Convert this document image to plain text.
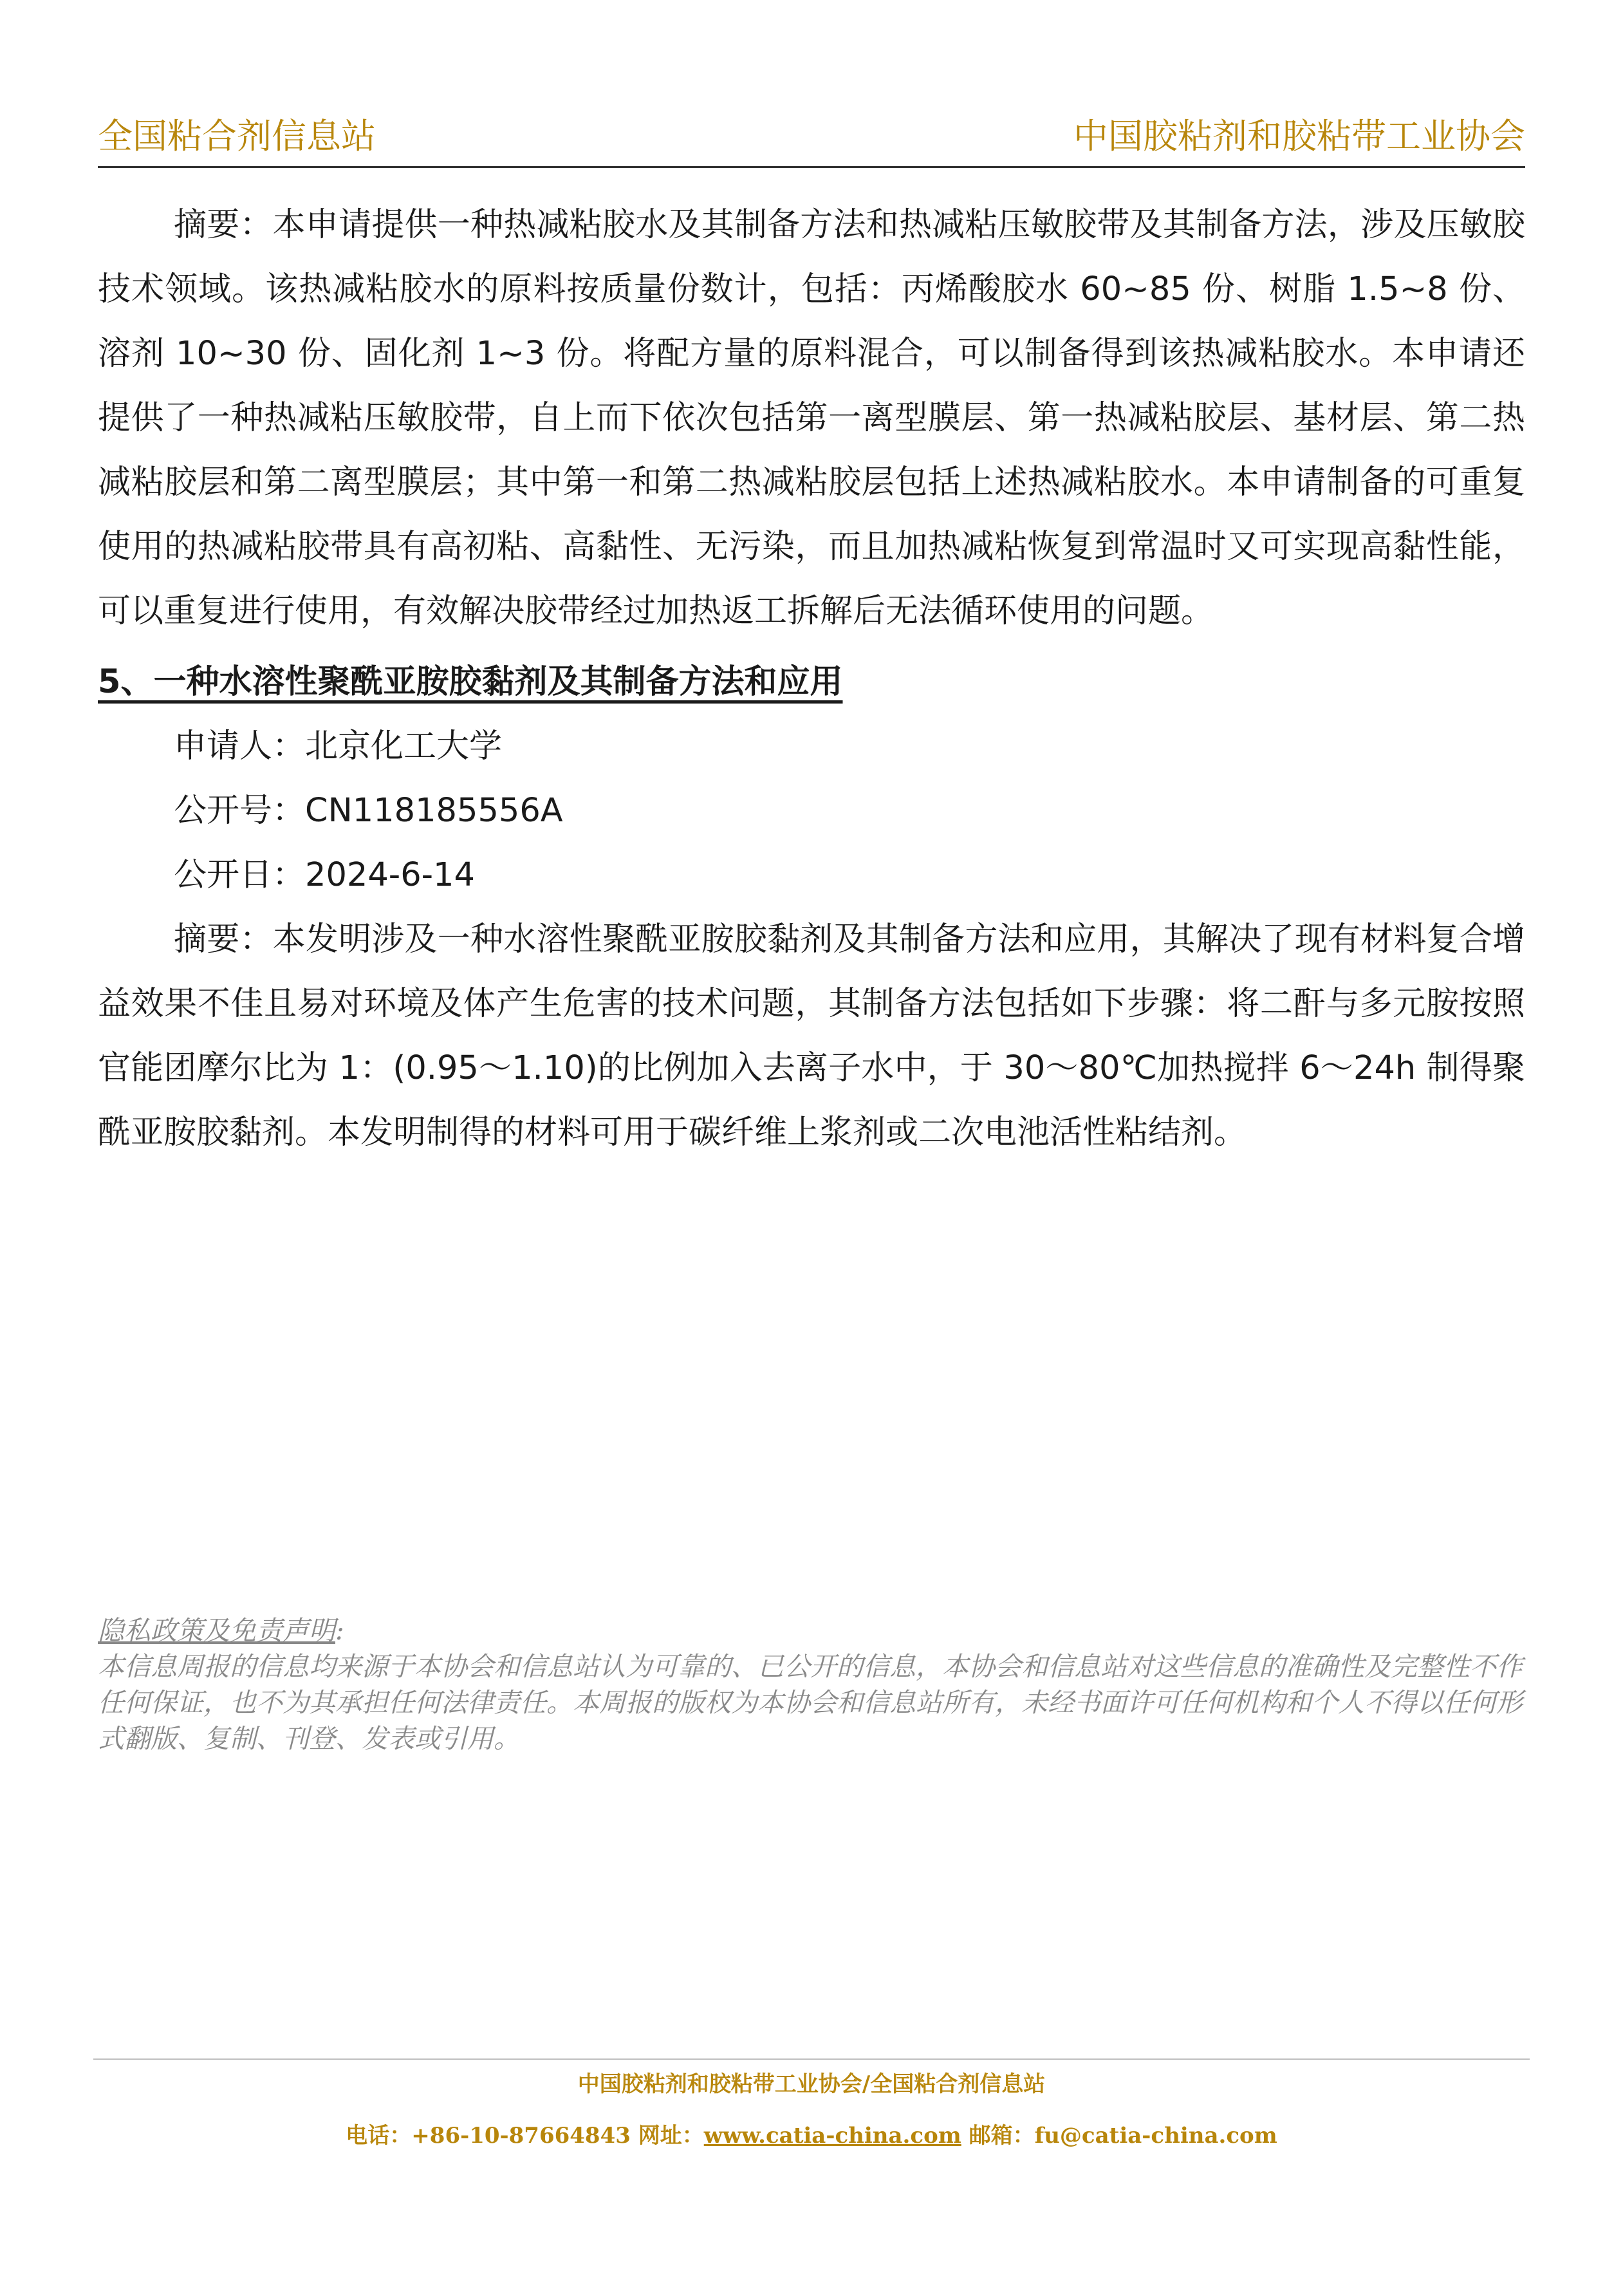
全国粘合剂信息站	中国胶粘剂和胶粘带工业协会

摘要：本申请提供一种热减粘胶水及其制备方法和热减粘压敏胶带及其制备方法，涉及压敏胶技术领域。该热减粘胶水的原料按质量份数计，包括：丙烯酸胶水 60~85 份、树脂 1.5~8 份、溶剂 10~30 份、固化剂 1~3 份。将配方量的原料混合，可以制备得到该热减粘胶水。本申请还提供了一种热减粘压敏胶带，自上而下依次包括第一离型膜层、第一热减粘胶层、基材层、第二热减粘胶层和第二离型膜层；其中第一和第二热减粘胶层包括上述热减粘胶水。本申请制备的可重复使用的热减粘胶带具有高初粘、高黏性、无污染，而且加热减粘恢复到常温时又可实现高黏性能，可以重复进行使用，有效解决胶带经过加热返工拆解后无法循环使用的问题。

5、一种水溶性聚酰亚胺胶黏剂及其制备方法和应用

申请人：北京化工大学

公开号：CN118185556A

公开日：2024-6-14

摘要：本发明涉及一种水溶性聚酰亚胺胶黏剂及其制备方法和应用，其解决了现有材料复合增益效果不佳且易对环境及体产生危害的技术问题，其制备方法包括如下步骤：将二酐与多元胺按照官能团摩尔比为 1：(0.95～1.10)的比例加入去离子水中，于 30～80℃加热搅拌 6～24h 制得聚酰亚胺胶黏剂。本发明制得的材料可用于碳纤维上浆剂或二次电池活性粘结剂。

隐私政策及免责声明:
本信息周报的信息均来源于本协会和信息站认为可靠的、已公开的信息，本协会和信息站对这些信息的准确性及完整性不作任何保证，也不为其承担任何法律责任。本周报的版权为本协会和信息站所有，未经书面许可任何机构和个人不得以任何形式翻版、复制、刊登、发表或引用。
中国胶粘剂和胶粘带工业协会/全国粘合剂信息站
电话：+86-10-87664843 网址：www.catia-china.com 邮箱：fu@catia-china.com
